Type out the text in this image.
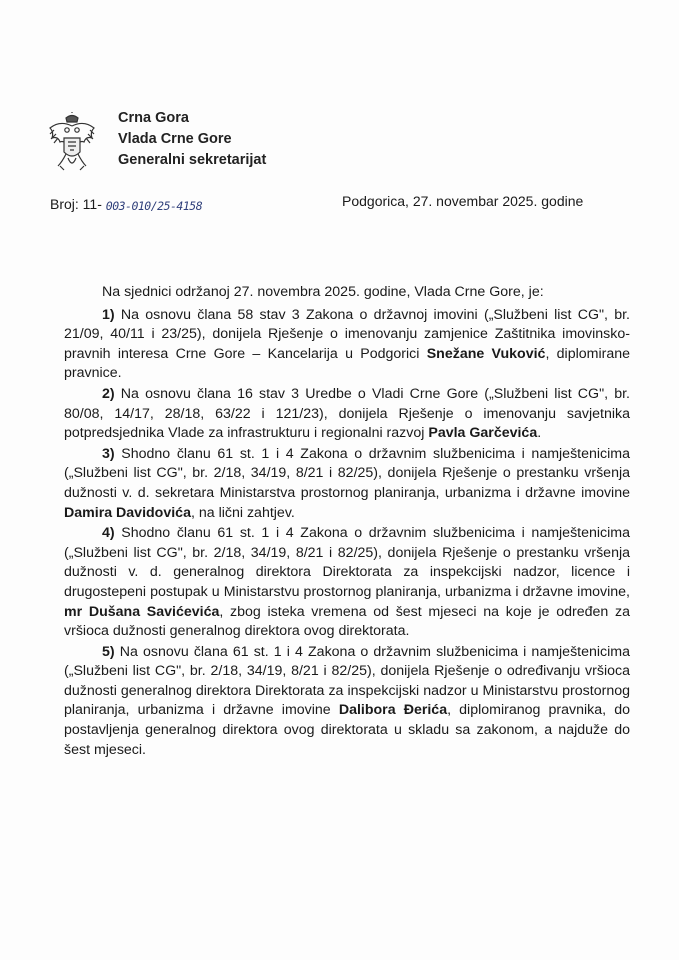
Crna Gora
Vlada Crne Gore
Generalni sekretarijat
Broj: 11- 003-010/25-4158	Podgorica, 27. novembar 2025. godine

Na sjednici održanoj 27. novembra 2025. godine, Vlada Crne Gore, je:

1) Na osnovu člana 58 stav 3 Zakona o državnoj imovini („Službeni list CG", br. 21/09, 40/11 i 23/25), donijela Rješenje o imenovanju zamjenice Zaštitnika imovinsko-pravnih interesa Crne Gore – Kancelarija u Podgorici Snežane Vuković, diplomirane pravnice.

2) Na osnovu člana 16 stav 3 Uredbe o Vladi Crne Gore („Službeni list CG", br. 80/08, 14/17, 28/18, 63/22 i 121/23), donijela Rješenje o imenovanju savjetnika potpredsjednika Vlade za infrastrukturu i regionalni razvoj Pavla Garčevića.

3) Shodno članu 61 st. 1 i 4 Zakona o državnim službenicima i namještenicima („Službeni list CG", br. 2/18, 34/19, 8/21 i 82/25), donijela Rješenje o prestanku vršenja dužnosti v. d. sekretara Ministarstva prostornog planiranja, urbanizma i državne imovine Damira Davidovića, na lični zahtjev.

4) Shodno članu 61 st. 1 i 4 Zakona o državnim službenicima i namještenicima („Službeni list CG", br. 2/18, 34/19, 8/21 i 82/25), donijela Rješenje o prestanku vršenja dužnosti v. d. generalnog direktora Direktorata za inspekcijski nadzor, licence i drugostepeni postupak u Ministarstvu prostornog planiranja, urbanizma i državne imovine, mr Dušana Savićevića, zbog isteka vremena od šest mjeseci na koje je određen za vršioca dužnosti generalnog direktora ovog direktorata.

5) Na osnovu člana 61 st. 1 i 4 Zakona o državnim službenicima i namještenicima („Službeni list CG", br. 2/18, 34/19, 8/21 i 82/25), donijela Rješenje o određivanju vršioca dužnosti generalnog direktora Direktorata za inspekcijski nadzor u Ministarstvu prostornog planiranja, urbanizma i državne imovine Dalibora Đerića, diplomiranog pravnika, do postavljenja generalnog direktora ovog direktorata u skladu sa zakonom, a najduže do šest mjeseci.
